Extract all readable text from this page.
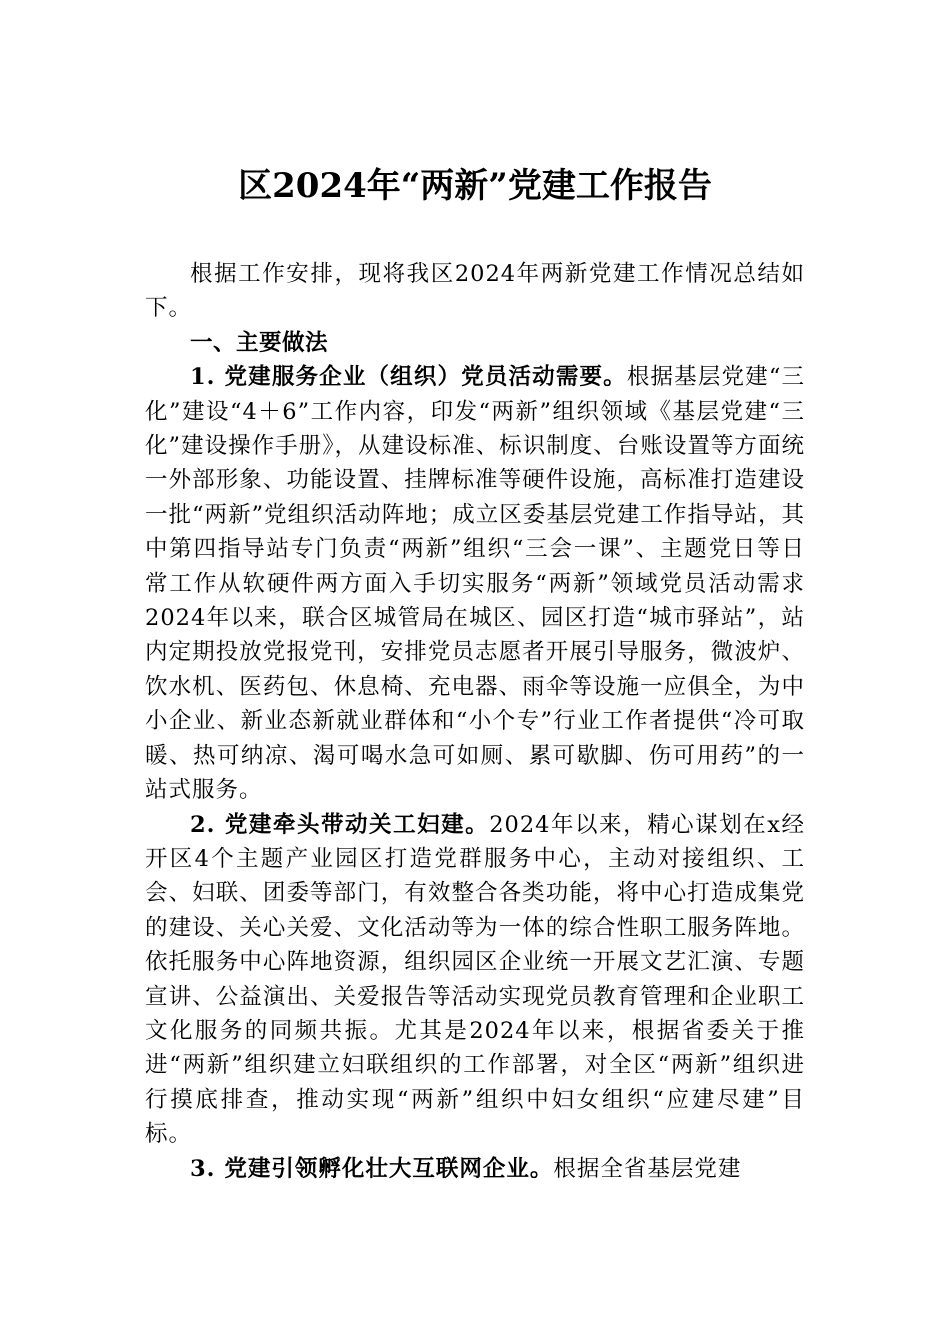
区2024年“两新”党建工作报告

根据工作安排，现将我区2024年两新党建工作情况总结如下。

一、主要做法

1. 党建服务企业（组织）党员活动需要。根据基层党建“三化”建设“4＋6”工作内容，印发“两新”组织领域《基层党建“三化”建设操作手册》，从建设标准、标识制度、台账设置等方面统一外部形象、功能设置、挂牌标准等硬件设施，高标准打造建设一批“两新”党组织活动阵地；成立区委基层党建工作指导站，其中第四指导站专门负责“两新”组织“三会一课”、主题党日等日常工作从软硬件两方面入手切实服务“两新”领域党员活动需求2024年以来，联合区城管局在城区、园区打造“城市驿站”，站内定期投放党报党刊，安排党员志愿者开展引导服务，微波炉、饮水机、医药包、休息椅、充电器、雨伞等设施一应俱全，为中小企业、新业态新就业群体和“小个专”行业工作者提供“冷可取暖、热可纳凉、渴可喝水急可如厕、累可歇脚、伤可用药”的一站式服务。

2. 党建牵头带动关工妇建。2024年以来，精心谋划在x经开区4个主题产业园区打造党群服务中心，主动对接组织、工会、妇联、团委等部门，有效整合各类功能，将中心打造成集党的建设、关心关爱、文化活动等为一体的综合性职工服务阵地。依托服务中心阵地资源，组织园区企业统一开展文艺汇演、专题宣讲、公益演出、关爱报告等活动实现党员教育管理和企业职工文化服务的同频共振。尤其是2024年以来，根据省委关于推进“两新”组织建立妇联组织的工作部署，对全区“两新”组织进行摸底排查，推动实现“两新”组织中妇女组织“应建尽建”目标。

3. 党建引领孵化壮大互联网企业。根据全省基层党建
